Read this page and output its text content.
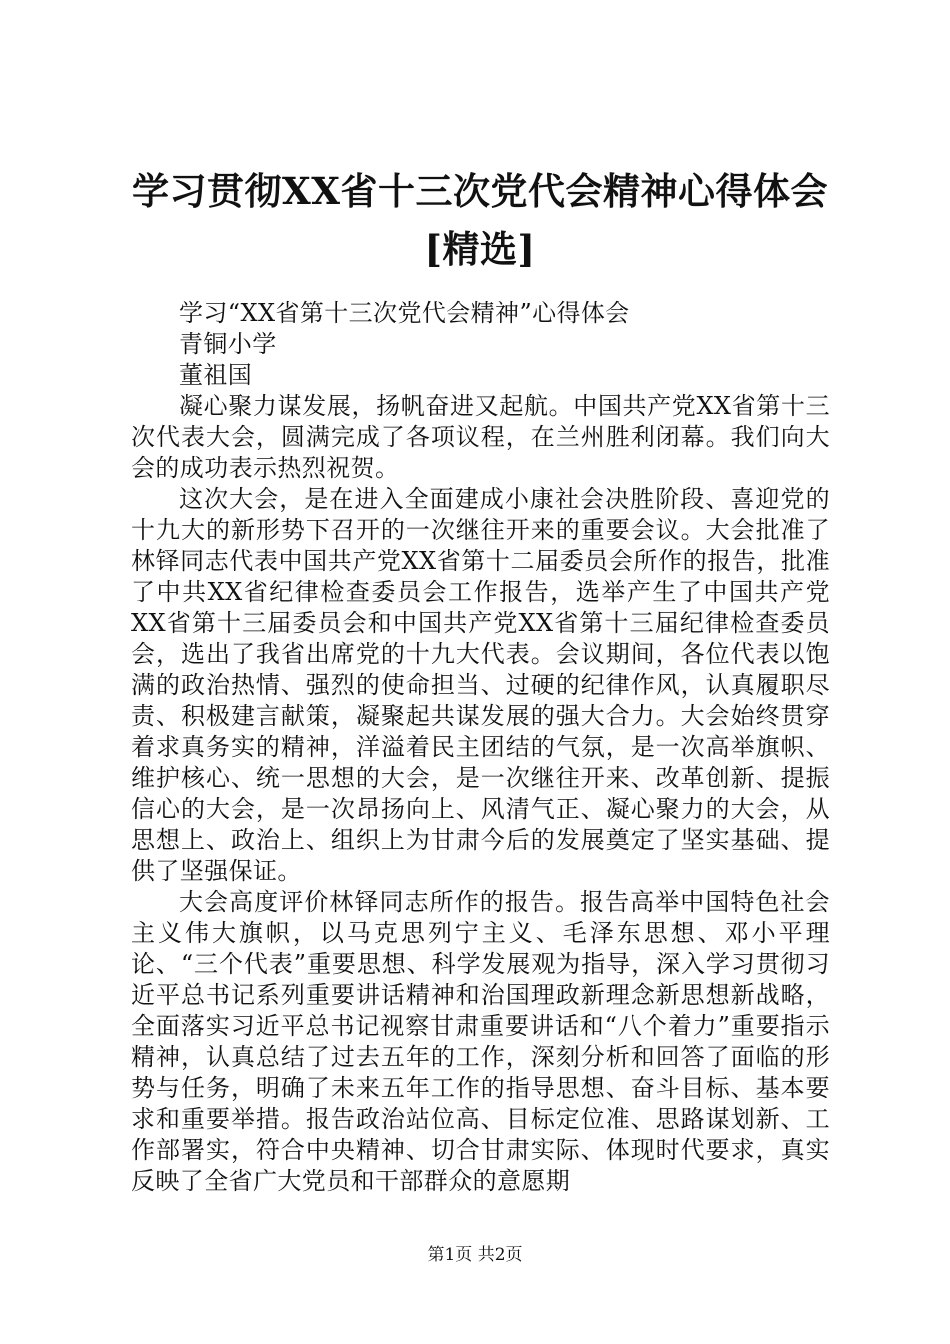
学习贯彻XX省十三次党代会精神心得体会[精选]

学习“XX省第十三次党代会精神”心得体会

青铜小学

董祖国

凝心聚力谋发展，扬帆奋进又起航。中国共产党XX省第十三次代表大会，圆满完成了各项议程，在兰州胜利闭幕。我们向大会的成功表示热烈祝贺。

这次大会，是在进入全面建成小康社会决胜阶段、喜迎党的十九大的新形势下召开的一次继往开来的重要会议。大会批准了林铎同志代表中国共产党XX省第十二届委员会所作的报告，批准了中共XX省纪律检查委员会工作报告，选举产生了中国共产党XX省第十三届委员会和中国共产党XX省第十三届纪律检查委员会，选出了我省出席党的十九大代表。会议期间，各位代表以饱满的政治热情、强烈的使命担当、过硬的纪律作风，认真履职尽责、积极建言献策，凝聚起共谋发展的强大合力。大会始终贯穿着求真务实的精神，洋溢着民主团结的气氛，是一次高举旗帜、维护核心、统一思想的大会，是一次继往开来、改革创新、提振信心的大会，是一次昂扬向上、风清气正、凝心聚力的大会，从思想上、政治上、组织上为甘肃今后的发展奠定了坚实基础、提供了坚强保证。

大会高度评价林铎同志所作的报告。报告高举中国特色社会主义伟大旗帜，以马克思列宁主义、毛泽东思想、邓小平理论、“三个代表”重要思想、科学发展观为指导，深入学习贯彻习近平总书记系列重要讲话精神和治国理政新理念新思想新战略，全面落实习近平总书记视察甘肃重要讲话和“八个着力”重要指示精神，认真总结了过去五年的工作，深刻分析和回答了面临的形势与任务，明确了未来五年工作的指导思想、奋斗目标、基本要求和重要举措。报告政治站位高、目标定位准、思路谋划新、工作部署实，符合中央精神、切合甘肃实际、体现时代要求，真实反映了全省广大党员和干部群众的意愿期

第1页 共2页
